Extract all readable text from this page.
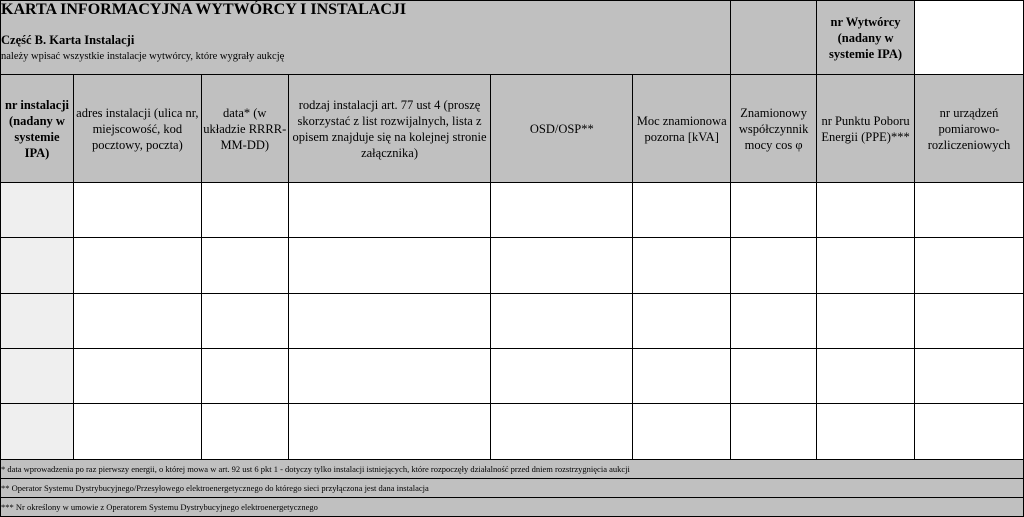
KARTA INFORMACYJNA WYTWÓRCY I INSTALACJI
Część B. Karta Instalacji
należy wpisać wszystkie instalacje wytwórcy, które wygrały aukcję							nr Wytwórcy (nadany w systemie IPA)	
nr instalacji (nadany w systemie IPA)	adres instalacji (ulica nr, miejscowość, kod pocztowy, poczta)	data* (w układzie RRRR-MM-DD)	rodzaj instalacji art. 77 ust 4 (proszę skorzystać z list rozwijalnych, lista z opisem znajduje się na kolejnej stronie załącznika)	OSD/OSP**	Moc znamionowa pozorna [kVA]	Znamionowy współczynnik mocy cos φ	nr Punktu Poboru Energii (PPE)***	nr urządzeń pomiarowo-rozliczeniowych

* data wprowadzenia po raz pierwszy energii, o której mowa w art. 92 ust 6 pkt 1 - dotyczy tylko instalacji istniejących, które rozpoczęły działalność przed dniem rozstrzygnięcia aukcji								
** Operator Systemu Dystrybucyjnego/Przesyłowego elektroenergetycznego do którego sieci przyłączona jest dana instalacja								
*** Nr określony w umowie z Operatorem Systemu Dystrybucyjnego elektroenergetycznego								
